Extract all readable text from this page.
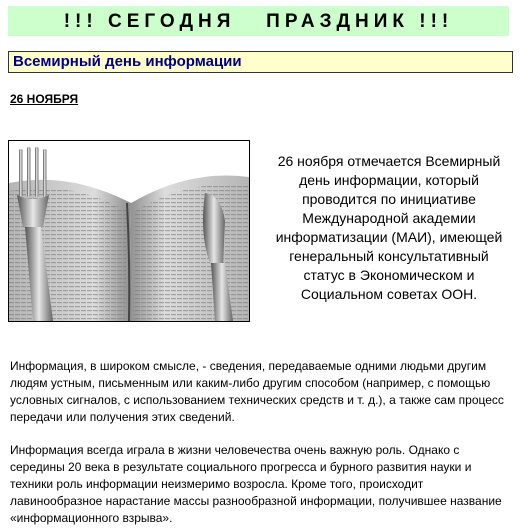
!!! СЕГОДНЯ   ПРАЗДНИК !!!
Всемирный день информации
26 НОЯБРЯ
26 ноября отмечается Всемирный день информации, который проводится по инициативе Международной академии информатизации (МАИ), имеющей генеральный консультативный статус в Экономическом и Социальном советах ООН.
Информация, в широком смысле, - сведения, передаваемые одними людьми другим людям устным, письменным или каким-либо другим способом (например, с помощью условных сигналов, с использованием технических средств и т. д.), а также сам процесс передачи или получения этих сведений.
Информация всегда играла в жизни человечества очень важную роль. Однако с середины 20 века в результате социального прогресса и бурного развития науки и техники роль информации неизмеримо возросла. Кроме того, происходит лавинообразное нарастание массы разнообразной информации, получившее название «информационного взрыва».
